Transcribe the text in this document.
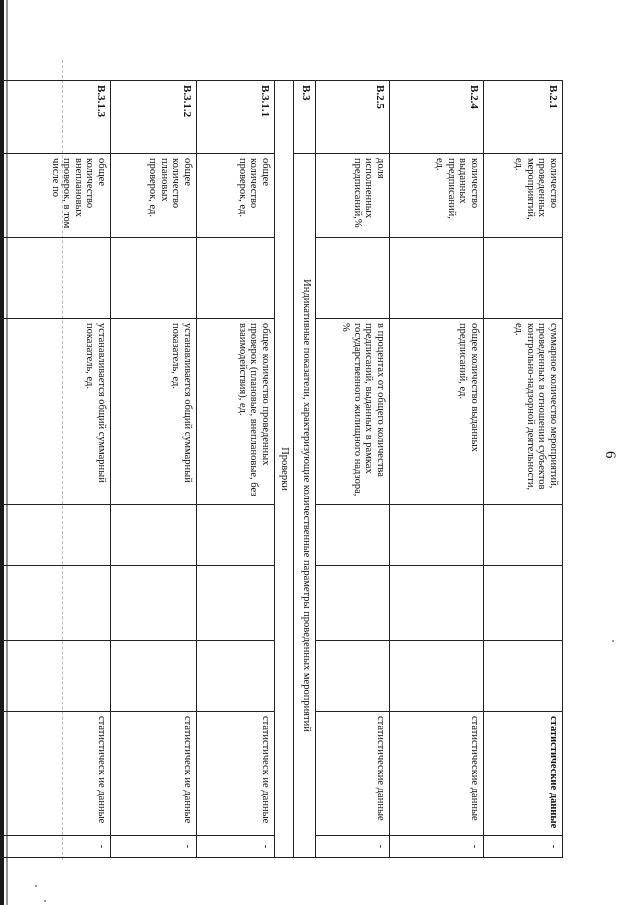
6
В.2.1	количество проведенных мероприятий, ед.		суммарное количество мероприятий, проведенных в отношении субъектов контрольно-надзорной деятельности, ед.				статистические данные	-
В.2.4	количество выданных предписаний, ед.		общее количество выданных предписаний, ед.				статистические данные	-
В.2.5	доля исполненных предписаний,%		в процентах от общего количества предписаний, выданных в рамках государственного жилищного надзора, %				статистические данные	-
В.3	Индикативные показатели, характеризующие количественные параметры проведенных мероприятий							
Проверки								
В.3.1.1	общее количество проверок, ед.		общее количество проведенных проверок (плановые, внеплановые, без взаимодействия), ед.				статистическ ие данные	-
В.3.1.2	общее количество плановых проверок, ед.		устанавливается общий суммарный показатель, ед.				статистическ ие данные	-
В.3.1.3	общее количество внеплановых проверок, в том числе по		устанавливается общий суммарный показатель, ед.				статистическ ие данные	-
